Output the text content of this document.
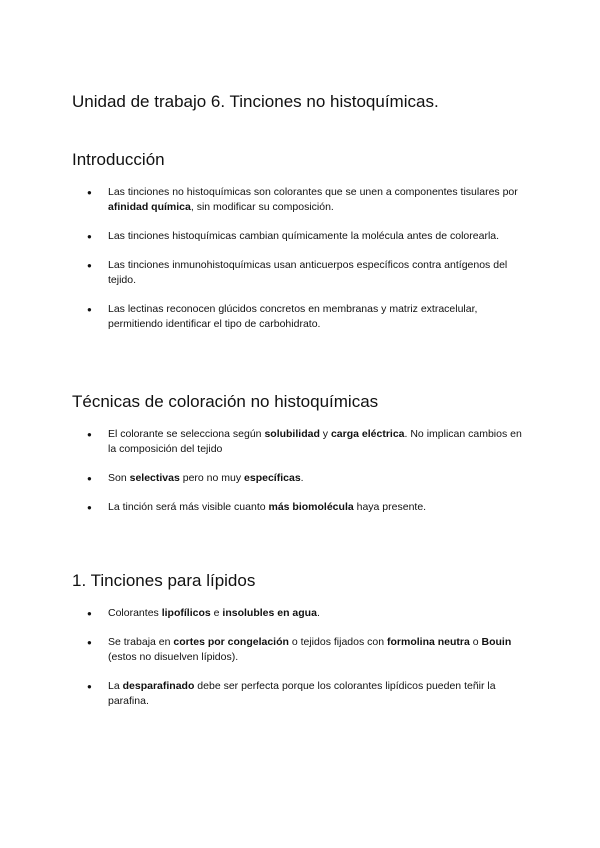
Unidad de trabajo 6. Tinciones no histoquímicas.
Introducción
● Las tinciones no histoquímicas son colorantes que se unen a componentes tisulares por afinidad química, sin modificar su composición.
● Las tinciones histoquímicas cambian químicamente la molécula antes de colorearla.
● Las tinciones inmunohistoquímicas usan anticuerpos específicos contra antígenos del tejido.
● Las lectinas reconocen glúcidos concretos en membranas y matriz extracelular, permitiendo identificar el tipo de carbohidrato.
Técnicas de coloración no histoquímicas
● El colorante se selecciona según solubilidad y carga eléctrica. No implican cambios en la composición del tejido
● Son selectivas pero no muy específicas.
● La tinción será más visible cuanto más biomolécula haya presente.
1. Tinciones para lípidos
● Colorantes lipofílicos e insolubles en agua.
● Se trabaja en cortes por congelación o tejidos fijados con formolina neutra o Bouin (estos no disuelven lípidos).
● La desparafinado debe ser perfecta porque los colorantes lipídicos pueden teñir la parafina.
